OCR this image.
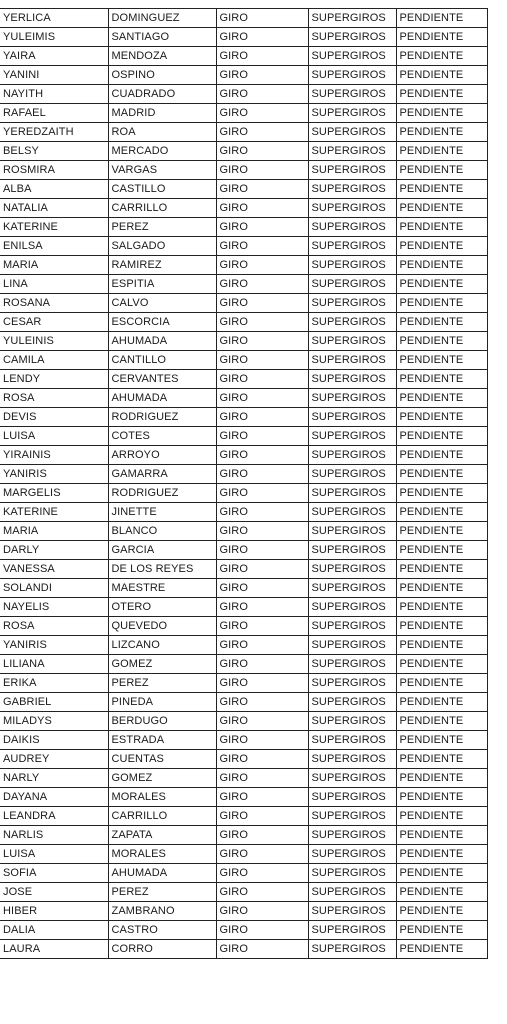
YERLICA	DOMINGUEZ	GIRO	SUPERGIROS	PENDIENTE
YULEIMIS	SANTIAGO	GIRO	SUPERGIROS	PENDIENTE
YAIRA	MENDOZA	GIRO	SUPERGIROS	PENDIENTE
YANINI	OSPINO	GIRO	SUPERGIROS	PENDIENTE
NAYITH	CUADRADO	GIRO	SUPERGIROS	PENDIENTE
RAFAEL	MADRID	GIRO	SUPERGIROS	PENDIENTE
YEREDZAITH	ROA	GIRO	SUPERGIROS	PENDIENTE
BELSY	MERCADO	GIRO	SUPERGIROS	PENDIENTE
ROSMIRA	VARGAS	GIRO	SUPERGIROS	PENDIENTE
ALBA	CASTILLO	GIRO	SUPERGIROS	PENDIENTE
NATALIA	CARRILLO	GIRO	SUPERGIROS	PENDIENTE
KATERINE	PEREZ	GIRO	SUPERGIROS	PENDIENTE
ENILSA	SALGADO	GIRO	SUPERGIROS	PENDIENTE
MARIA	RAMIREZ	GIRO	SUPERGIROS	PENDIENTE
LINA	ESPITIA	GIRO	SUPERGIROS	PENDIENTE
ROSANA	CALVO	GIRO	SUPERGIROS	PENDIENTE
CESAR	ESCORCIA	GIRO	SUPERGIROS	PENDIENTE
YULEINIS	AHUMADA	GIRO	SUPERGIROS	PENDIENTE
CAMILA	CANTILLO	GIRO	SUPERGIROS	PENDIENTE
LENDY	CERVANTES	GIRO	SUPERGIROS	PENDIENTE
ROSA	AHUMADA	GIRO	SUPERGIROS	PENDIENTE
DEVIS	RODRIGUEZ	GIRO	SUPERGIROS	PENDIENTE
LUISA	COTES	GIRO	SUPERGIROS	PENDIENTE
YIRAINIS	ARROYO	GIRO	SUPERGIROS	PENDIENTE
YANIRIS	GAMARRA	GIRO	SUPERGIROS	PENDIENTE
MARGELIS	RODRIGUEZ	GIRO	SUPERGIROS	PENDIENTE
KATERINE	JINETTE	GIRO	SUPERGIROS	PENDIENTE
MARIA	BLANCO	GIRO	SUPERGIROS	PENDIENTE
DARLY	GARCIA	GIRO	SUPERGIROS	PENDIENTE
VANESSA	DE LOS REYES	GIRO	SUPERGIROS	PENDIENTE
SOLANDI	MAESTRE	GIRO	SUPERGIROS	PENDIENTE
NAYELIS	OTERO	GIRO	SUPERGIROS	PENDIENTE
ROSA	QUEVEDO	GIRO	SUPERGIROS	PENDIENTE
YANIRIS	LIZCANO	GIRO	SUPERGIROS	PENDIENTE
LILIANA	GOMEZ	GIRO	SUPERGIROS	PENDIENTE
ERIKA	PEREZ	GIRO	SUPERGIROS	PENDIENTE
GABRIEL	PINEDA	GIRO	SUPERGIROS	PENDIENTE
MILADYS	BERDUGO	GIRO	SUPERGIROS	PENDIENTE
DAIKIS	ESTRADA	GIRO	SUPERGIROS	PENDIENTE
AUDREY	CUENTAS	GIRO	SUPERGIROS	PENDIENTE
NARLY	GOMEZ	GIRO	SUPERGIROS	PENDIENTE
DAYANA	MORALES	GIRO	SUPERGIROS	PENDIENTE
LEANDRA	CARRILLO	GIRO	SUPERGIROS	PENDIENTE
NARLIS	ZAPATA	GIRO	SUPERGIROS	PENDIENTE
LUISA	MORALES	GIRO	SUPERGIROS	PENDIENTE
SOFIA	AHUMADA	GIRO	SUPERGIROS	PENDIENTE
JOSE	PEREZ	GIRO	SUPERGIROS	PENDIENTE
HIBER	ZAMBRANO	GIRO	SUPERGIROS	PENDIENTE
DALIA	CASTRO	GIRO	SUPERGIROS	PENDIENTE
LAURA	CORRO	GIRO	SUPERGIROS	PENDIENTE
